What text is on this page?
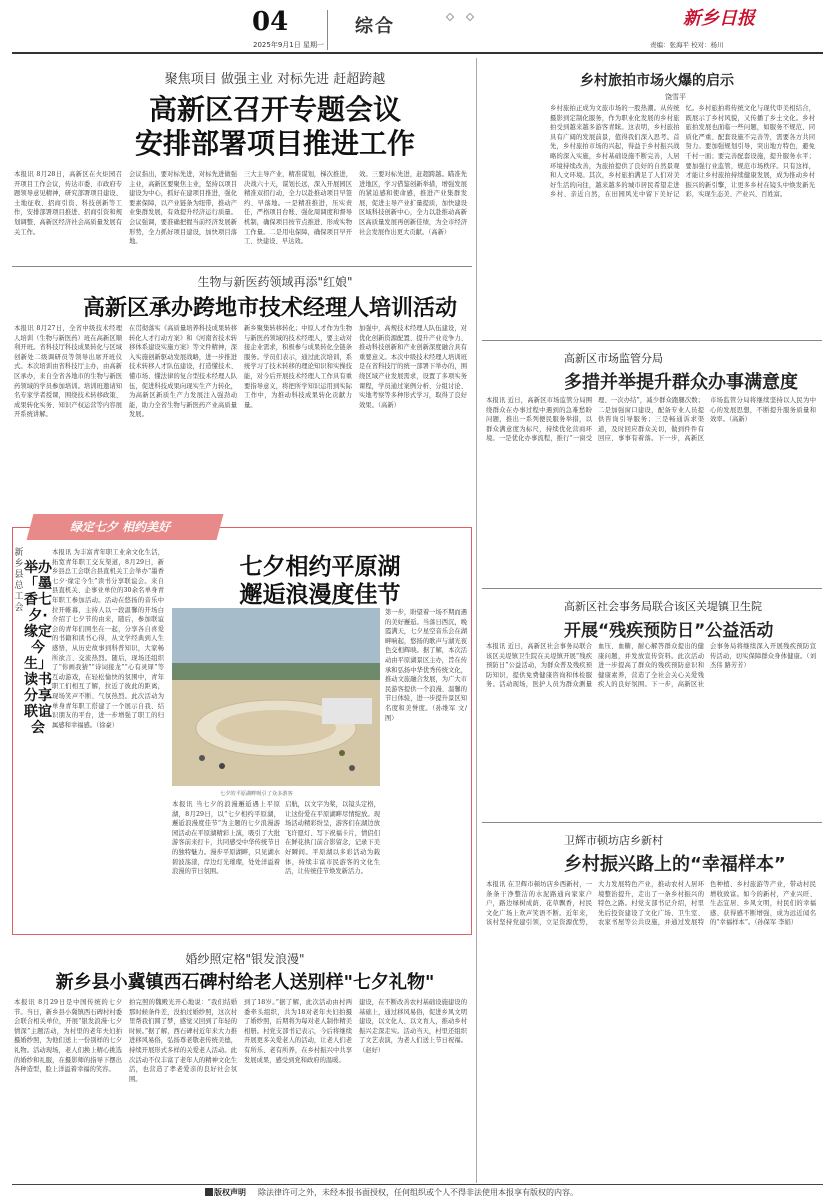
04
2025年9月1日 星期一
综合	新乡日报
责编：张海平 校对：杨川
聚焦项目 做强主业 对标先进 赶超跨越
高新区召开专题会议
安排部署项目推进工作
本报讯 8月28日，高新区在火炬园召开项目工作会议，传达市委、市政府专题领导意见精神，研究部署项目建设、土地征收、招商引资、科技创新等工作，安排部署项目推进、招商引资和规划调整、高新区经济社会高质量发展有关工作。
会议指出，要对标先进，对标先进做强主业，高新区要聚焦主业，坚持以项目建设为中心，抓好在建项目推进，强化要素保障，以产业链条为纽带，推动产业集群发展，有效提升经济运行质量。会议强调，要准确把握当前经济发展新形势，全力抓好项目建设，加快项目落地。
三大主导产业，精准谋划，梯次推进，决战六十天，谋划长远，深入开展园区精准双招行动，全力以赴推动项目早签约、早落地。一是精准推进，压实责任，严格项目台账、强化周调度和督导机制，确保项目按节点推进、形成实物工作量。二是用电保障，确保项目早开工、快建设、早达效。
效。三要对标先进，赶超跨越。瞄准先进地区，学习借鉴创新举措，增强发展的紧迫感和使命感，推进产业集群发展，促进主导产业扩量提质，加快建设区域科技创新中心，全力以赴推动高新区高质量发展再创新佳绩，为全市经济社会发展作出更大贡献。（高新）
生物与新医药领域再添"红娘"
高新区承办跨地市技术经理人培训活动
本报讯 8月27日，全省中级技术经理人培训（生物与新医药）班在高新区顺利开班。省科技厅科技成果转化与区域创新处二级调研员等领导出席开班仪式。本次培训由省科技厅主办，由高新区承办，来自全省各地市的生物与新医药领域的学员参加培训。培训班邀请知名专家学者授课，围绕技术转移政策、成果转化实务、知识产权运营等内容展开系统讲解。
在贯彻落实《高质量培养科技成果转移转化人才行动方案》和《河南省技术转移体系建设实施方案》等文件精神，深入实施创新驱动发展战略，进一步推进技术转移人才队伍建设，打造懂技术、懂市场、懂法律的复合型技术经理人队伍，促进科技成果向现实生产力转化，为高新区新质生产力发展注入强劲动能，助力全省生物与新医药产业高质量发展。
新乡聚集转移转化；中原人才作为生物与新医药领域的技术经理人，要主动对接企业需求，积极参与成果转化全链条服务。学员们表示，通过此次培训，系统学习了技术转移的理论知识和实操技能，对今后开展技术经理人工作具有重要指导意义，将把所学知识运用到实际工作中，为推动科技成果转化贡献力量。
加强中，高规技术经理人队伍建设，对优化创新资源配置、提升产业竞争力、推动科技创新和产业创新深度融合具有重要意义。本次中级技术经理人培训班是在省科技厅的统一部署下举办的，围绕区域产业发展需求，设置了多项实务课程，学员通过案例分析、分组讨论、实地考察等多种形式学习，取得了良好效果。（高新）
绿定七夕 相约美好
举办「墨香七夕·缘定今生」读书分享联谊会
新乡县总工会
本报讯 为丰富青年职工业余文化生活，拓宽青年职工交友渠道，8月29日，新乡县总工会联合县直机关工会举办“墨香七夕·缘定今生”读书分享联谊会。来自县直机关、企事业单位的30余名单身青年职工参加活动。活动在悠扬的音乐中拉开帷幕，主持人以一段温馨的开场白介绍了七夕节的由来，随后，参加联谊会的青年们围坐在一起，分享各自喜爱的书籍和读书心得，从文学经典到人生感悟，从历史故事到科普知识，大家畅所欲言、交流热烈。随后，现场还组织了“你画我猜”“诗词接龙”“心有灵犀”等互动游戏，在轻松愉快的氛围中，青年职工们相互了解，拉近了彼此的距离，现场笑声不断、气氛热烈。此次活动为单身青年职工搭建了一个展示自我、结识朋友的平台，进一步增强了职工的归属感和幸福感。（徐豪）
七夕相约平原湖
邂逅浪漫度佳节
七夕的平原湖畔吸引了众多游客
本报讯 当七夕的浪漫邂逅遇上平原湖，8月29日，以“七夕相约平原湖，邂逅浪漫度佳节”为主题的七夕浪漫游园活动在平原湖精彩上演，吸引了大批游客前来打卡，共同感受中华传统节日的独特魅力。漫步平原湖畔，只见湖水碧波荡漾，岸边灯光璀璨，处处洋溢着浪漫的节日氛围。
启航，以文字为桨，以镜头定格，让这份爱在平原湖畔尽情绽放。现场活动精彩纷呈，游客们在湖边放飞许愿灯、写下祝福卡片，情侣们在鲜花拱门前合影留念，记录下美好瞬间。平原湖以多彩活动为载体，持续丰富市民游客的文化生活，让传统佳节焕发新活力。
第一步，盼望着一场不期而遇的美好邂逅。当落日西沉，晚霞满天，七夕星空音乐会在湖畔响起，悠扬的歌声与湖光夜色交相辉映。据了解，本次活动由平原湖景区主办，旨在传承和弘扬中华优秀传统文化，推动文旅融合发展，为广大市民游客提供一个浪漫、温馨的节日体验，进一步提升景区知名度和美誉度。（孙维军 文/图）
婚纱照定格"银发浪漫"
新乡县小冀镇西石碑村给老人送别样"七夕礼物"
本报讯 8月29日是中国传统的七夕节。当日，新乡县小冀镇西石碑村村委会联合相关单位，开展“银发浪漫·七夕情深”主题活动，为村里的老年夫妇拍摄婚纱照，为他们送上一份别样的七夕礼物。活动现场，老人们换上精心挑选的婚纱和礼服，在摄影师的指导下摆出各种造型，脸上洋溢着幸福的笑容。
拍完照的魏殿光开心地说：“我们结婚那时候条件差，没拍过婚纱照，这次村里帮我们圆了梦，感觉又回到了年轻的时候。”据了解，西石碑村近年来大力推进移风易俗，弘扬尊老敬老传统美德，持续开展形式多样的关爱老人活动。此次活动不仅丰富了老年人的精神文化生活，也营造了孝老爱亲的良好社会氛围。
到了18岁。”据了解，此次活动由村两委牵头组织，共为18对老年夫妇拍摄了婚纱照，后期将为每对老人制作精美相册。村党支部书记表示，今后将继续开展更多关爱老人的活动，让老人们老有所乐、老有所养，在乡村振兴中共享发展成果，感受到党和政府的温暖。
建设，在不断改善农村基础设施建设的基础上，通过移风易俗，促进乡风文明建设，以文化人、以文育人，推动乡村振兴走深走实。活动当天，村里还组织了文艺表演，为老人们送上节日祝福。（赵好）
乡村旅拍市场火爆的启示
饶雪平
乡村旅拍正成为文旅市场的一股热潮。从传统摄影到定制化服务，作为职业化发展的乡村旅拍受到越来越多游客青睐。这表明，乡村旅拍具有广阔的发展前景，值得我们深入思考。首先，乡村旅拍市场的兴起，得益于乡村振兴战略的深入实施，乡村基础设施不断完善，人居环境持续改善，为旅拍提供了良好的自然景观和人文环境。其次，乡村旅拍满足了人们对美好生活的向往，越来越多的城市居民希望走进乡村、亲近自然，在田园风光中留下美好记忆。乡村旅拍将传统文化与现代审美相结合，既展示了乡村风貌，又传播了乡土文化。乡村旅拍发展也面临一些问题，如服务不规范、同质化严重、配套设施不完善等，需要各方共同努力。要加强规划引导，突出地方特色，避免千村一面；要完善配套设施，提升服务水平；要加强行业监管，规范市场秩序。只有这样，才能让乡村旅拍持续健康发展，成为推动乡村振兴的新引擎，让更多乡村在镜头中焕发新光彩，实现生态美、产业兴、百姓富。
高新区市场监管分局
多措并举提升群众办事满意度
本报讯 近日，高新区市场监管分局围绕群众在办事过程中遇到的急难愁盼问题，推出一系列便民服务举措，以群众满意度为标尺，持续优化营商环境。一是优化办事流程，推行“一窗受理、一次办结”，减少群众跑腿次数；二是加强窗口建设，配备专业人员提供咨询引导服务；三是畅通诉求渠道，及时回应群众关切，做到件件有回应、事事有着落。下一步，高新区市场监管分局将继续坚持以人民为中心的发展思想，不断提升服务质量和效率。（高新）
高新区社会事务局联合该区关堤镇卫生院
开展“残疾预防日”公益活动
本报讯 近日，高新区社会事务局联合该区关堤镇卫生院在关堤镇开展“残疾预防日”公益活动，为群众普及残疾预防知识，提供免费健康咨询和体检服务。活动现场，医护人员为群众测量血压、血糖，耐心解答群众提出的健康问题，并发放宣传资料。此次活动进一步提高了群众的残疾预防意识和健康素养，营造了全社会关心关爱残疾人的良好氛围。下一步，高新区社会事务局将继续深入开展残疾预防宣传活动，切实保障群众身体健康。（刘杰伟 路芳芳）
卫辉市顿坊店乡新村
乡村振兴路上的“幸福样本”
本报讯 在卫辉市顿坊店乡西新村，一条条干净整洁的水泥路通向家家户户，路边绿树成荫、花草飘香，村民文化广场上欢声笑语不断。近年来，该村坚持党建引领，立足资源优势，大力发展特色产业，推动农村人居环境整治提升，走出了一条乡村振兴的特色之路。村党支部书记介绍，村里先后投资建设了文化广场、卫生室、农家书屋等公共设施，并通过发展特色种植、乡村旅游等产业，带动村民增收致富。如今的新村，产业兴旺、生态宜居、乡风文明，村民们的幸福感、获得感不断增强，成为远近闻名的“幸福样本”。（孙保军 李娟）
版权声明 除法律许可之外，未经本报书面授权，任何组织或个人不得非法使用本报享有版权的内容。
